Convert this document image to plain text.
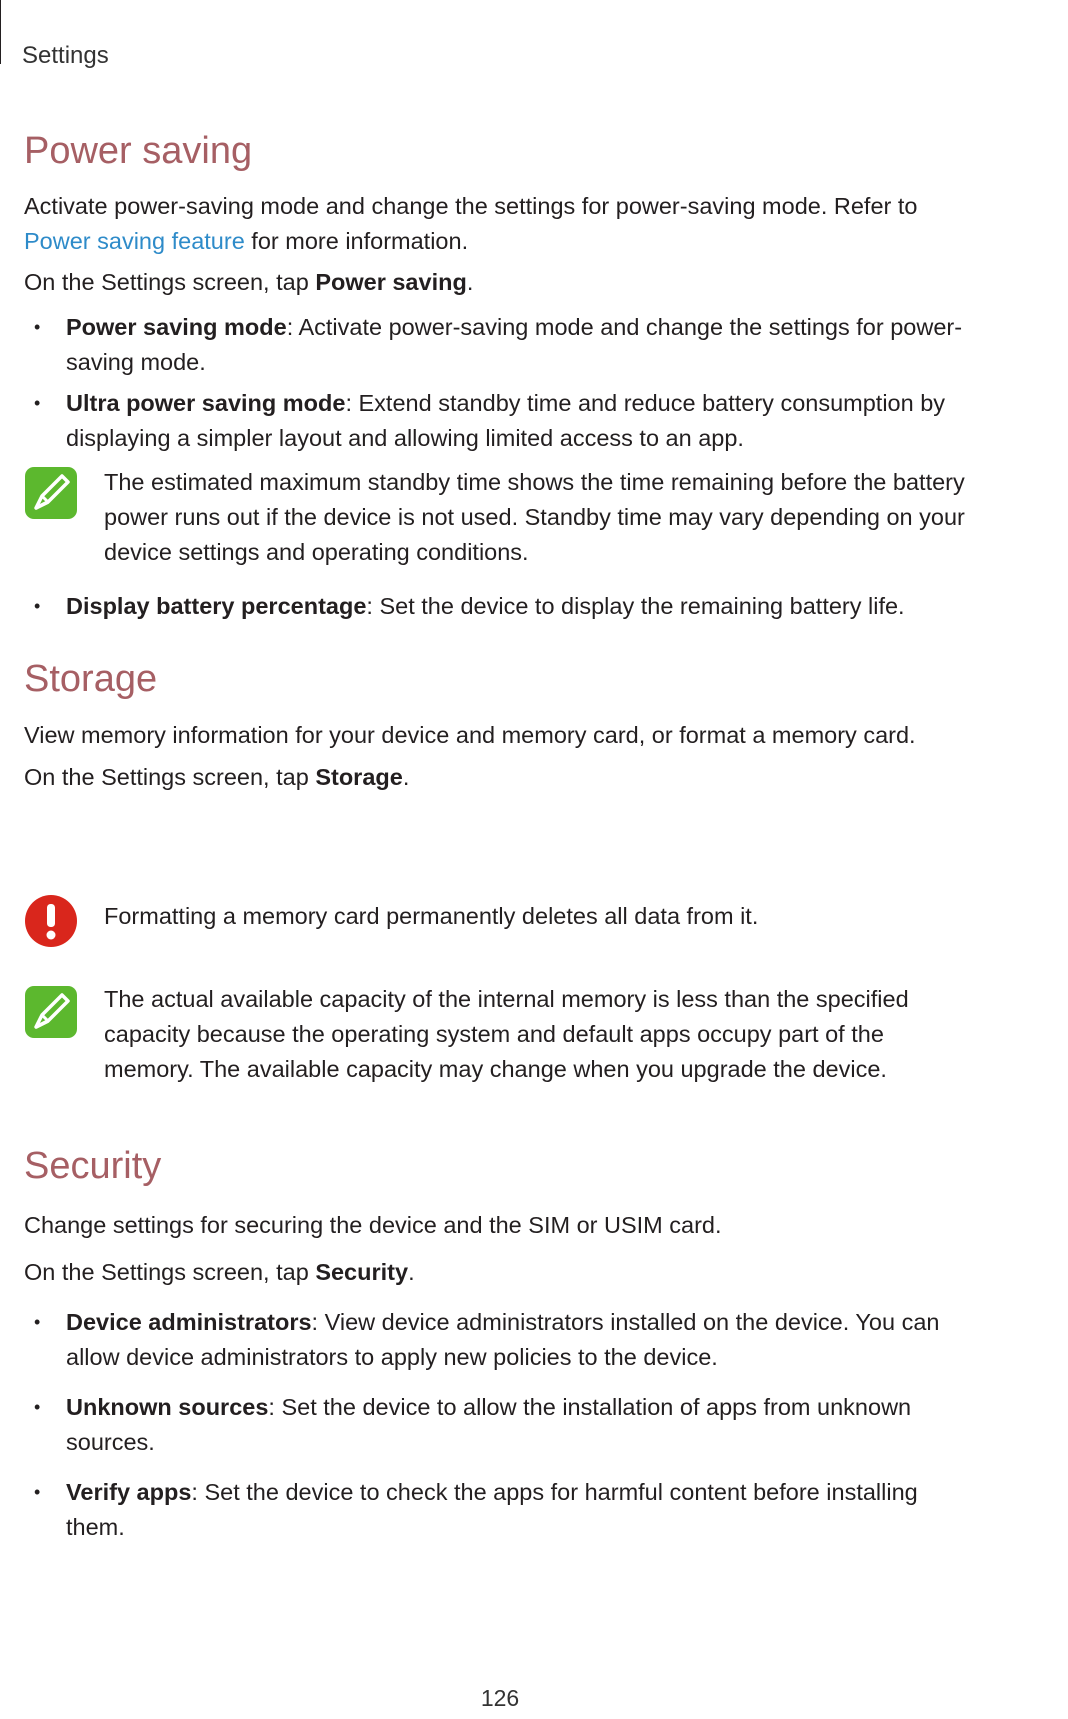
Settings
Power saving
Activate power-saving mode and change the settings for power-saving mode. Refer to Power saving feature for more information.
On the Settings screen, tap Power saving.
• Power saving mode: Activate power-saving mode and change the settings for power-saving mode.
• Ultra power saving mode: Extend standby time and reduce battery consumption by displaying a simpler layout and allowing limited access to an app.
The estimated maximum standby time shows the time remaining before the battery power runs out if the device is not used. Standby time may vary depending on your device settings and operating conditions.
• Display battery percentage: Set the device to display the remaining battery life.
Storage
View memory information for your device and memory card, or format a memory card.
On the Settings screen, tap Storage.
Formatting a memory card permanently deletes all data from it.
The actual available capacity of the internal memory is less than the specified capacity because the operating system and default apps occupy part of the memory. The available capacity may change when you upgrade the device.
Security
Change settings for securing the device and the SIM or USIM card.
On the Settings screen, tap Security.
• Device administrators: View device administrators installed on the device. You can allow device administrators to apply new policies to the device.
• Unknown sources: Set the device to allow the installation of apps from unknown sources.
• Verify apps: Set the device to check the apps for harmful content before installing them.
126
